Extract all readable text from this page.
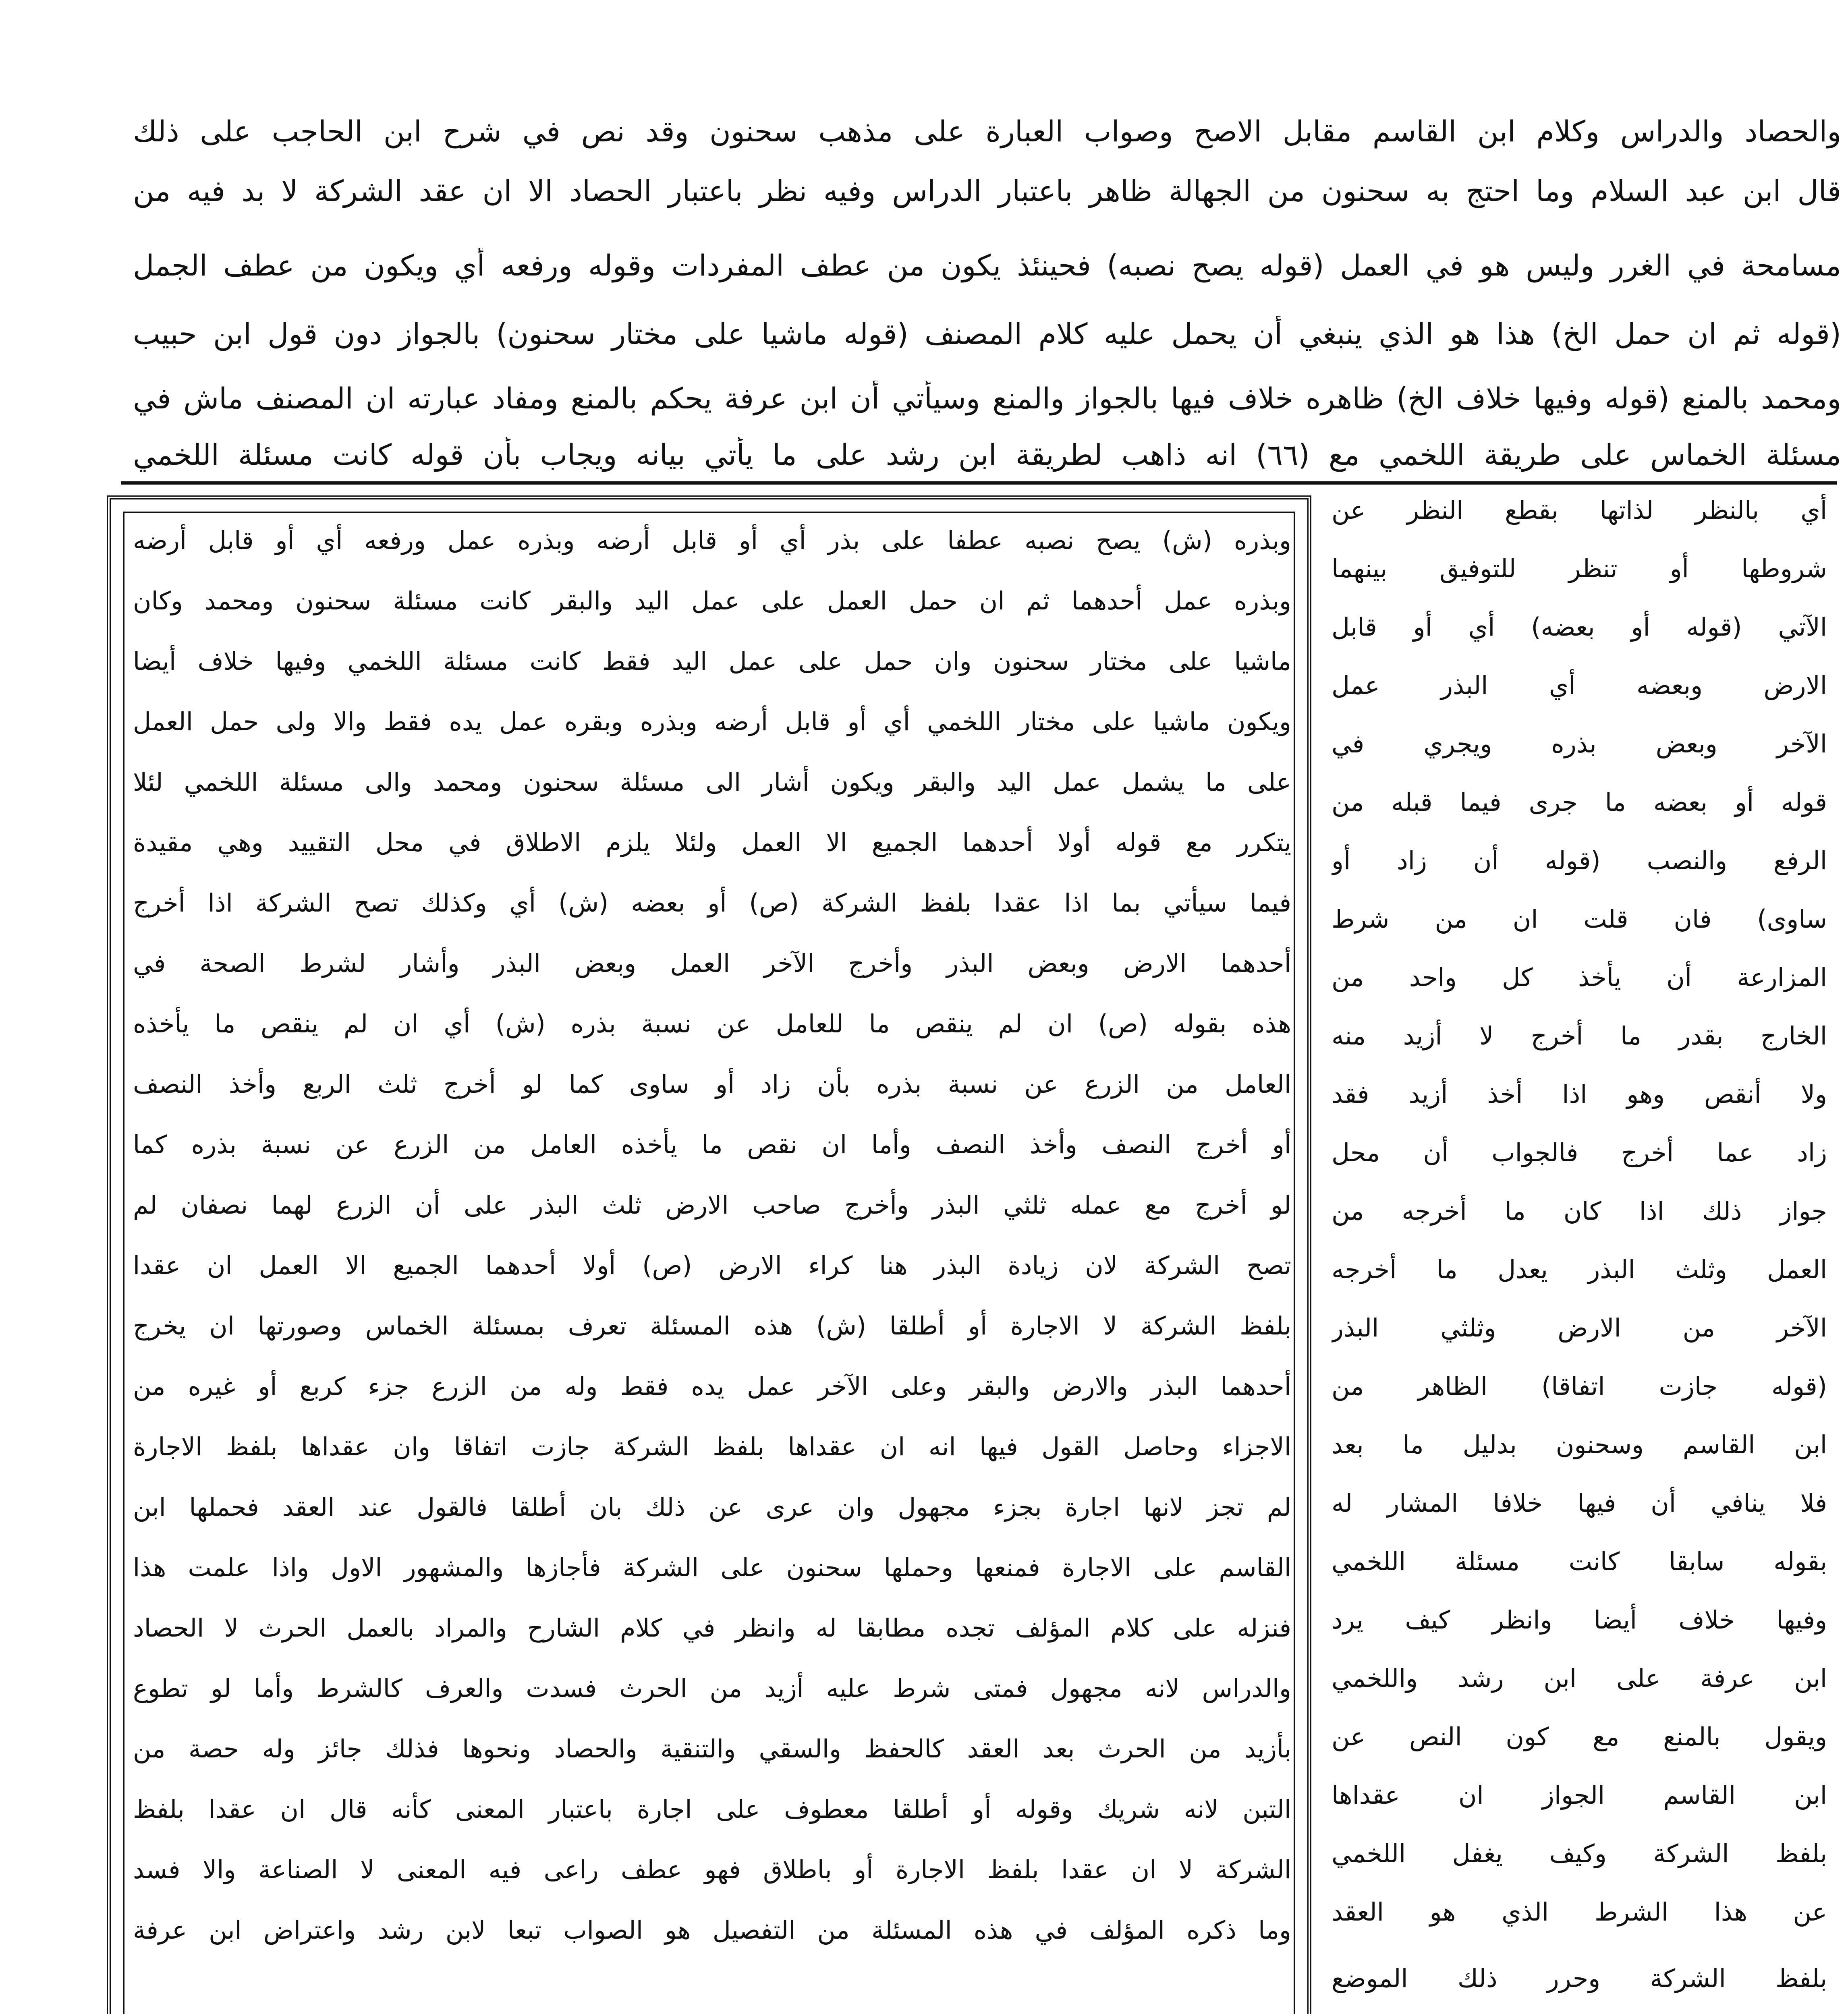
والحصاد والدراس وكلام ابن القاسم مقابل الاصح وصواب العبارة على مذهب سحنون وقد نص في شرح ابن الحاجب على ذلك
قال ابن عبد السلام وما احتج به سحنون من الجهالة ظاهر باعتبار الدراس وفيه نظر باعتبار الحصاد الا ان عقد الشركة لا بد فيه من
مسامحة في الغرر وليس هو في العمل (قوله يصح نصبه) فحينئذ يكون من عطف المفردات وقوله ورفعه أي ويكون من عطف الجمل
(قوله ثم ان حمل الخ) هذا هو الذي ينبغي أن يحمل عليه كلام المصنف (قوله ماشيا على مختار سحنون) بالجواز دون قول ابن حبيب
ومحمد بالمنع (قوله وفيها خلاف الخ) ظاهره خلاف فيها بالجواز والمنع وسيأتي أن ابن عرفة يحكم بالمنع ومفاد عبارته ان المصنف ماش في
مسئلة الخماس على طريقة اللخمي مع (٦٦) انه ذاهب لطريقة ابن رشد على ما يأتي بيانه ويجاب بأن قوله كانت مسئلة اللخمي
أي بالنظر لذاتها بقطع النظر عن
شروطها أو تنظر للتوفيق بينهما
الآتي (قوله أو بعضه) أي أو قابل
الارض وبعضه أي البذر عمل
الآخر وبعض بذره ويجري في
قوله أو بعضه ما جرى فيما قبله من
الرفع والنصب (قوله أن زاد أو
ساوى) فان قلت ان من شرط
المزارعة أن يأخذ كل واحد من
الخارج بقدر ما أخرج لا أزيد منه
ولا أنقص وهو اذا أخذ أزيد فقد
زاد عما أخرج فالجواب أن محل
جواز ذلك اذا كان ما أخرجه من
العمل وثلث البذر يعدل ما أخرجه
الآخر من الارض وثلثي البذر
(قوله جازت اتفاقا) الظاهر من
ابن القاسم وسحنون بدليل ما بعد
فلا ينافي أن فيها خلافا المشار له
بقوله سابقا كانت مسئلة اللخمي
وفيها خلاف أيضا وانظر كيف يرد
ابن عرفة على ابن رشد واللخمي
ويقول بالمنع مع كون النص عن
ابن القاسم الجواز ان عقداها
بلفظ الشركة وكيف يغفل اللخمي
عن هذا الشرط الذي هو العقد
بلفظ الشركة وحرر ذلك الموضع
وبذره (ش) يصح نصبه عطفا على بذر أي أو قابل أرضه وبذره عمل ورفعه أي أو قابل أرضه
وبذره عمل أحدهما ثم ان حمل العمل على عمل اليد والبقر كانت مسئلة سحنون ومحمد وكان
ماشيا على مختار سحنون وان حمل على عمل اليد فقط كانت مسئلة اللخمي وفيها خلاف أيضا
ويكون ماشيا على مختار اللخمي أي أو قابل أرضه وبذره وبقره عمل يده فقط والا ولى حمل العمل
على ما يشمل عمل اليد والبقر ويكون أشار الى مسئلة سحنون ومحمد والى مسئلة اللخمي لئلا
يتكرر مع قوله أولا أحدهما الجميع الا العمل ولئلا يلزم الاطلاق في محل التقييد وهي مقيدة
فيما سيأتي بما اذا عقدا بلفظ الشركة (ص) أو بعضه (ش) أي وكذلك تصح الشركة اذا أخرج
أحدهما الارض وبعض البذر وأخرج الآخر العمل وبعض البذر وأشار لشرط الصحة في
هذه بقوله (ص) ان لم ينقص ما للعامل عن نسبة بذره (ش) أي ان لم ينقص ما يأخذه
العامل من الزرع عن نسبة بذره بأن زاد أو ساوى كما لو أخرج ثلث الربع وأخذ النصف
أو أخرج النصف وأخذ النصف وأما ان نقص ما يأخذه العامل من الزرع عن نسبة بذره كما
لو أخرج مع عمله ثلثي البذر وأخرج صاحب الارض ثلث البذر على أن الزرع لهما نصفان لم
تصح الشركة لان زيادة البذر هنا كراء الارض (ص) أولا أحدهما الجميع الا العمل ان عقدا
بلفظ الشركة لا الاجارة أو أطلقا (ش) هذه المسئلة تعرف بمسئلة الخماس وصورتها ان يخرج
أحدهما البذر والارض والبقر وعلى الآخر عمل يده فقط وله من الزرع جزء كربع أو غيره من
الاجزاء وحاصل القول فيها انه ان عقداها بلفظ الشركة جازت اتفاقا وان عقداها بلفظ الاجارة
لم تجز لانها اجارة بجزء مجهول وان عرى عن ذلك بان أطلقا فالقول عند العقد فحملها ابن
القاسم على الاجارة فمنعها وحملها سحنون على الشركة فأجازها والمشهور الاول واذا علمت هذا
فنزله على كلام المؤلف تجده مطابقا له وانظر في كلام الشارح والمراد بالعمل الحرث لا الحصاد
والدراس لانه مجهول فمتى شرط عليه أزيد من الحرث فسدت والعرف كالشرط وأما لو تطوع
بأزيد من الحرث بعد العقد كالحفظ والسقي والتنقية والحصاد ونحوها فذلك جائز وله حصة من
التبن لانه شريك وقوله أو أطلقا معطوف على اجارة باعتبار المعنى كأنه قال ان عقدا بلفظ
الشركة لا ان عقدا بلفظ الاجارة أو باطلاق فهو عطف راعى فيه المعنى لا الصناعة والا فسد
وما ذكره المؤلف في هذه المسئلة من التفصيل هو الصواب تبعا لابن رشد واعتراض ابن عرفة
